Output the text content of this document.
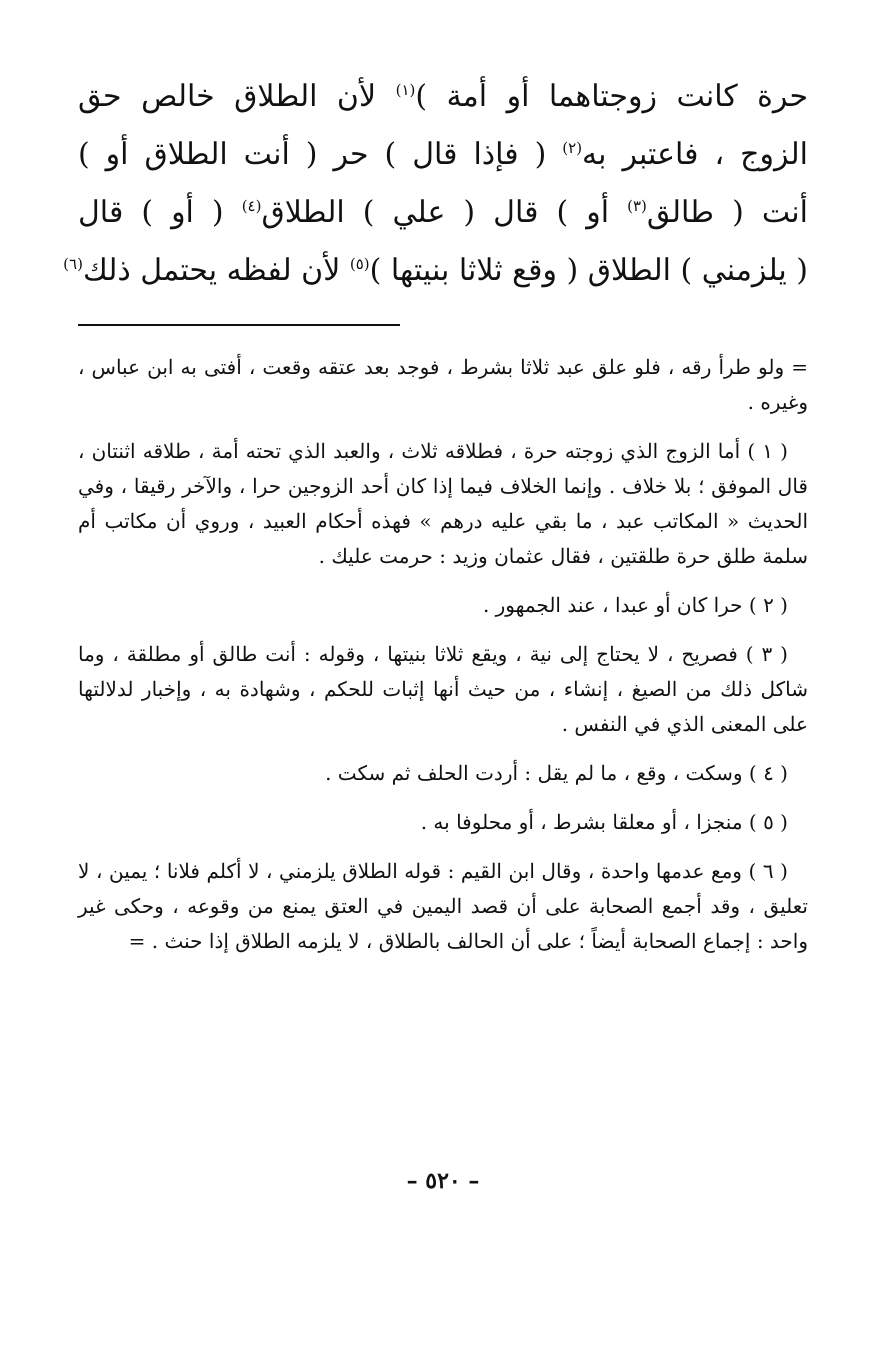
حرة كانت زوجتاهما أو أمة )$^{(١)}$ لأن الطلاق خالص حق
الزوج ، فاعتبر به$^{(٢)}$ ( فإذا قال ) حر ( أنت الطلاق أو )
أنت ( طالق$^{(٣)}$ أو ) قال ( علي ) الطلاق$^{(٤)}$ ( أو ) قال
( يلزمني ) الطلاق ( وقع ثلاثا بنيتها )$^{(٥)}$ لأن لفظه يحتمل ذلك$^{(٦)}$

= ولو طرأ رقه ، فلو علق عبد ثلاثا بشرط ، فوجد بعد عتقه وقعت ، أفتى به ابن عباس ، وغيره .

( ١ ) أما الزوج الذي زوجته حرة ، فطلاقه ثلاث ، والعبد الذي تحته أمة ، طلاقه اثنتان ، قال الموفق ؛ بلا خلاف . وإنما الخلاف فيما إذا كان أحد الزوجين حرا ، والآخر رقيقا ، وفي الحديث « المكاتب عبد ، ما بقي عليه درهم » فهذه أحكام العبيد ، وروي أن مكاتب أم سلمة طلق حرة طلقتين ، فقال عثمان وزيد : حرمت عليك .

( ٢ ) حرا كان أو عبدا ، عند الجمهور .

( ٣ ) فصريح ، لا يحتاج إلى نية ، ويقع ثلاثا بنيتها ، وقوله : أنت طالق أو مطلقة ، وما شاكل ذلك من الصيغ ، إنشاء ، من حيث أنها إثبات للحكم ، وشهادة به ، وإخبار لدلالتها على المعنى الذي في النفس .

( ٤ ) وسكت ، وقع ، ما لم يقل : أردت الحلف ثم سكت .

( ٥ ) منجزا ، أو معلقا بشرط ، أو محلوفا به .

( ٦ ) ومع عدمها واحدة ، وقال ابن القيم : قوله الطلاق يلزمني ، لا أكلم فلانا ؛ يمين ، لا تعليق ، وقد أجمع الصحابة على أن قصد اليمين في العتق يمنع من وقوعه ، وحكى غير واحد : إجماع الصحابة أيضاً ؛ على أن الحالف بالطلاق ، لا يلزمه الطلاق إذا حنث . =

– ٥٢٠ –
